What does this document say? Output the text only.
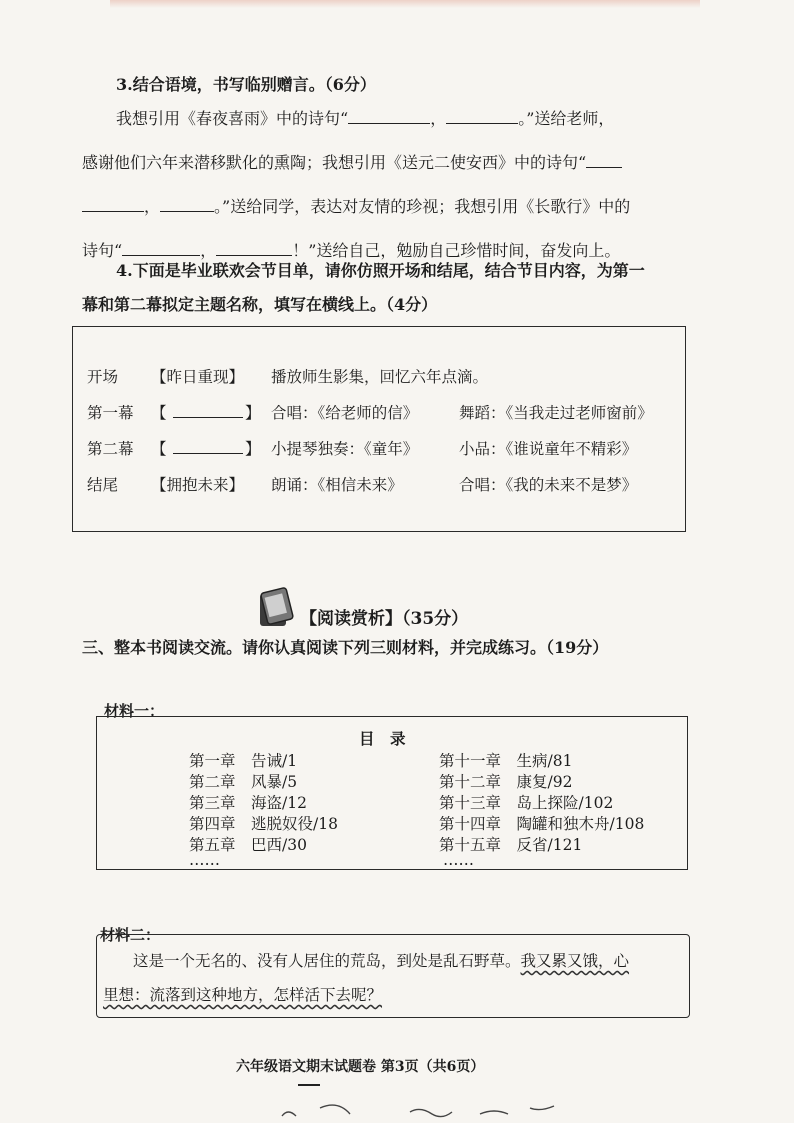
3.结合语境，书写临别赠言。（6分）
我想引用《春夜喜雨》中的诗句“	，	。”送给老师，
感谢他们六年来潜移默化的熏陶；我想引用《送元二使安西》中的诗句“
，	。”送给同学，表达对友情的珍视；我想引用《长歌行》中的
诗句“	，	！”送给自己，勉励自己珍惜时间，奋发向上。
4.下面是毕业联欢会节目单，请你仿照开场和结尾，结合节目内容，为第一
幕和第二幕拟定主题名称，填写在横线上。（4分）
开场 【昨日重现】 播放师生影集，回忆六年点滴。
第一幕 【	】 合唱：《给老师的信》	舞蹈：《当我走过老师窗前》
第二幕 【	】 小提琴独奏：《童年》	小品：《谁说童年不精彩》
结尾 【拥抱未来】 朗诵：《相信未来》	合唱：《我的未来不是梦》
【阅读赏析】（35分）
三、整本书阅读交流。请你认真阅读下列三则材料，并完成练习。（19分）
材料一：
目　录
第一章　 告诫/1
第二章　 风暴/5
第三章　 海盗/12
第四章　 逃脱奴役/18
第五章　 巴西/30
……
第十一章　 生病/81
第十二章　 康复/92
第十三章　 岛上探险/102
第十四章　 陶罐和独木舟/108
第十五章　 反省/121
……
材料二：
这是一个无名的、没有人居住的荒岛，到处是乱石野草。我又累又饿，心
里想：流落到这种地方，怎样活下去呢？
六年级语文期末试题卷 第3页（共6页）
